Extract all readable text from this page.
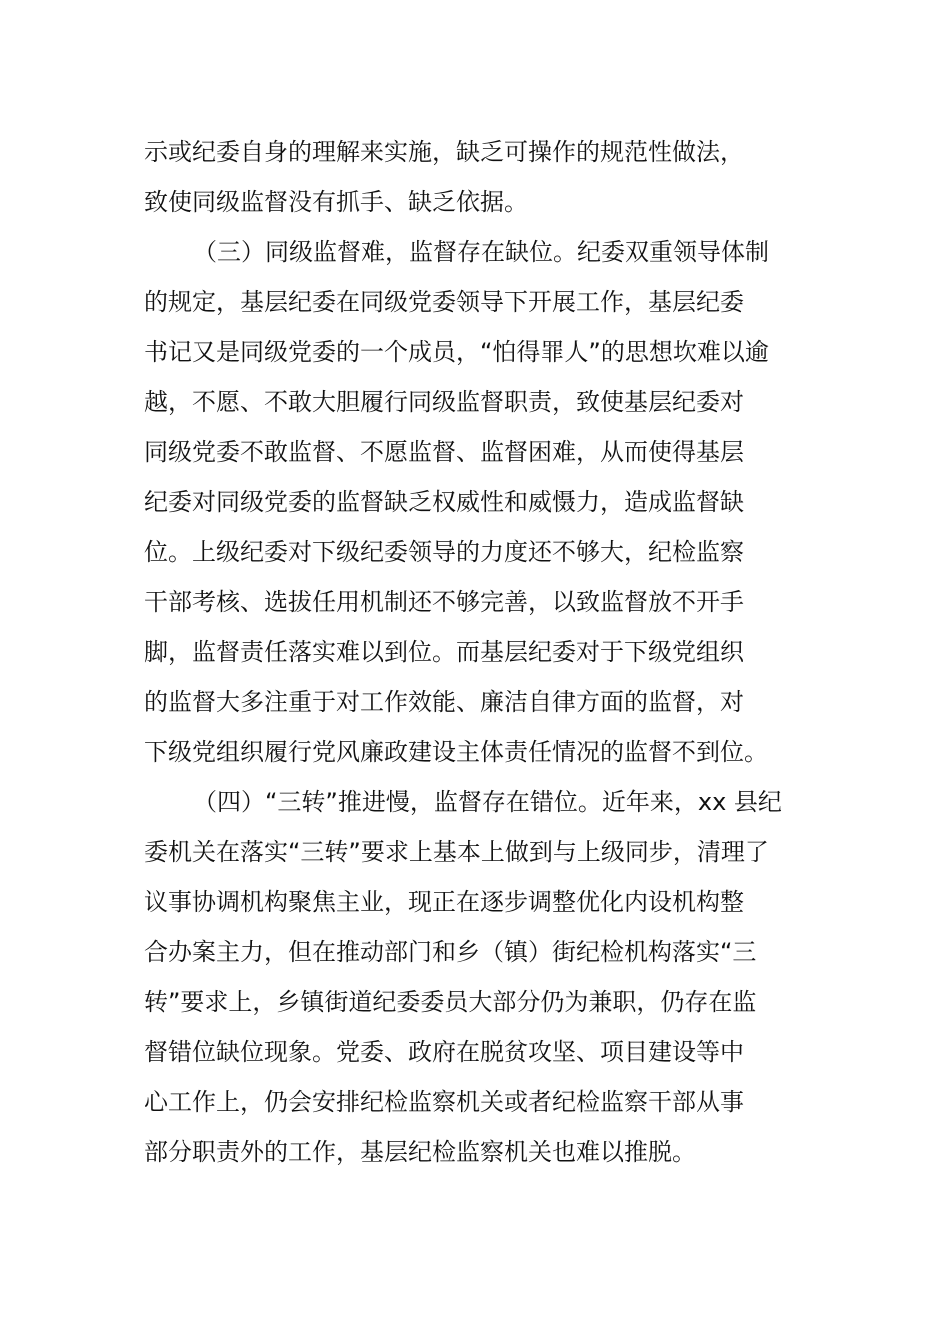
示或纪委自身的理解来实施，缺乏可操作的规范性做法，
致使同级监督没有抓手、缺乏依据。
（三）同级监督难，监督存在缺位。纪委双重领导体制
的规定，基层纪委在同级党委领导下开展工作，基层纪委
书记又是同级党委的一个成员，“怕得罪人”的思想坎难以逾
越，不愿、不敢大胆履行同级监督职责，致使基层纪委对
同级党委不敢监督、不愿监督、监督困难，从而使得基层
纪委对同级党委的监督缺乏权威性和威慑力，造成监督缺
位。上级纪委对下级纪委领导的力度还不够大，纪检监察
干部考核、选拔任用机制还不够完善，以致监督放不开手
脚，监督责任落实难以到位。而基层纪委对于下级党组织
的监督大多注重于对工作效能、廉洁自律方面的监督，对
下级党组织履行党风廉政建设主体责任情况的监督不到位。
（四）“三转”推进慢，监督存在错位。近年来，xx 县纪
委机关在落实“三转”要求上基本上做到与上级同步，清理了
议事协调机构聚焦主业，现正在逐步调整优化内设机构整
合办案主力，但在推动部门和乡（镇）街纪检机构落实“三
转”要求上，乡镇街道纪委委员大部分仍为兼职，仍存在监
督错位缺位现象。党委、政府在脱贫攻坚、项目建设等中
心工作上，仍会安排纪检监察机关或者纪检监察干部从事
部分职责外的工作，基层纪检监察机关也难以推脱。
